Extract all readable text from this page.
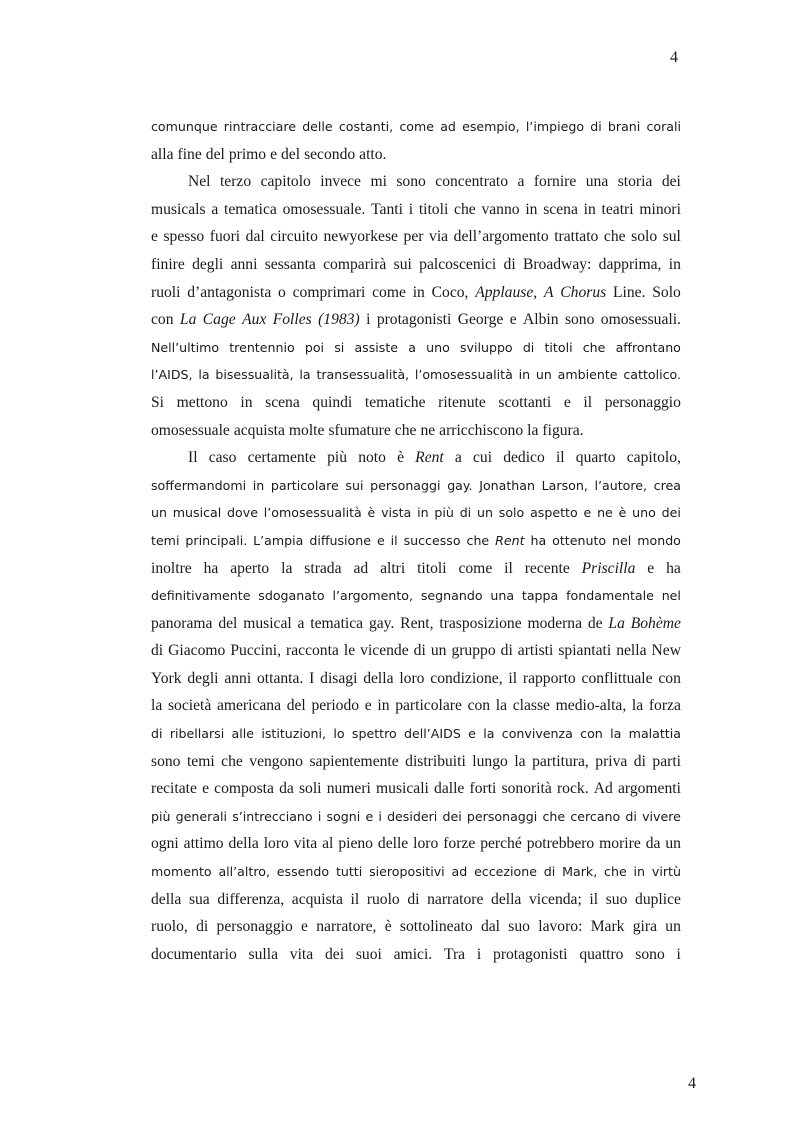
4
comunque rintracciare delle costanti, come ad esempio, l’impiego di brani corali
alla fine del primo e del secondo atto.
Nel terzo capitolo invece mi sono concentrato a fornire una storia dei
musicals a tematica omosessuale. Tanti i titoli che vanno in scena in teatri minori
e spesso fuori dal circuito newyorkese per via dell’argomento trattato che solo sul
finire degli anni sessanta comparirà sui palcoscenici di Broadway: dapprima, in
ruoli d’antagonista o comprimari come in Coco, Applause, A Chorus Line. Solo
con La Cage Aux Folles (1983) i protagonisti George e Albin sono omosessuali.
Nell’ultimo trentennio poi si assiste a uno sviluppo di titoli che affrontano
l’AIDS, la bisessualità, la transessualità, l’omosessualità in un ambiente cattolico.
Si mettono in scena quindi tematiche ritenute scottanti e il personaggio
omosessuale acquista molte sfumature che ne arricchiscono la figura.
Il caso certamente più noto è Rent a cui dedico il quarto capitolo,
soffermandomi in particolare sui personaggi gay. Jonathan Larson, l’autore, crea
un musical dove l’omosessualità è vista in più di un solo aspetto e ne è uno dei
temi principali. L’ampia diffusione e il successo che Rent ha ottenuto nel mondo
inoltre ha aperto la strada ad altri titoli come il recente Priscilla e ha
definitivamente sdoganato l’argomento, segnando una tappa fondamentale nel
panorama del musical a tematica gay. Rent, trasposizione moderna de La Bohème
di Giacomo Puccini, racconta le vicende di un gruppo di artisti spiantati nella New
York degli anni ottanta. I disagi della loro condizione, il rapporto conflittuale con
la società americana del periodo e in particolare con la classe medio-alta, la forza
di ribellarsi alle istituzioni, lo spettro dell’AIDS e la convivenza con la malattia
sono temi che vengono sapientemente distribuiti lungo la partitura, priva di parti
recitate e composta da soli numeri musicali dalle forti sonorità rock. Ad argomenti
più generali s’intrecciano i sogni e i desideri dei personaggi che cercano di vivere
ogni attimo della loro vita al pieno delle loro forze perché potrebbero morire da un
momento all’altro, essendo tutti sieropositivi ad eccezione di Mark, che in virtù
della sua differenza, acquista il ruolo di narratore della vicenda; il suo duplice
ruolo, di personaggio e narratore, è sottolineato dal suo lavoro: Mark gira un
documentario sulla vita dei suoi amici. Tra i protagonisti quattro sono i
4
